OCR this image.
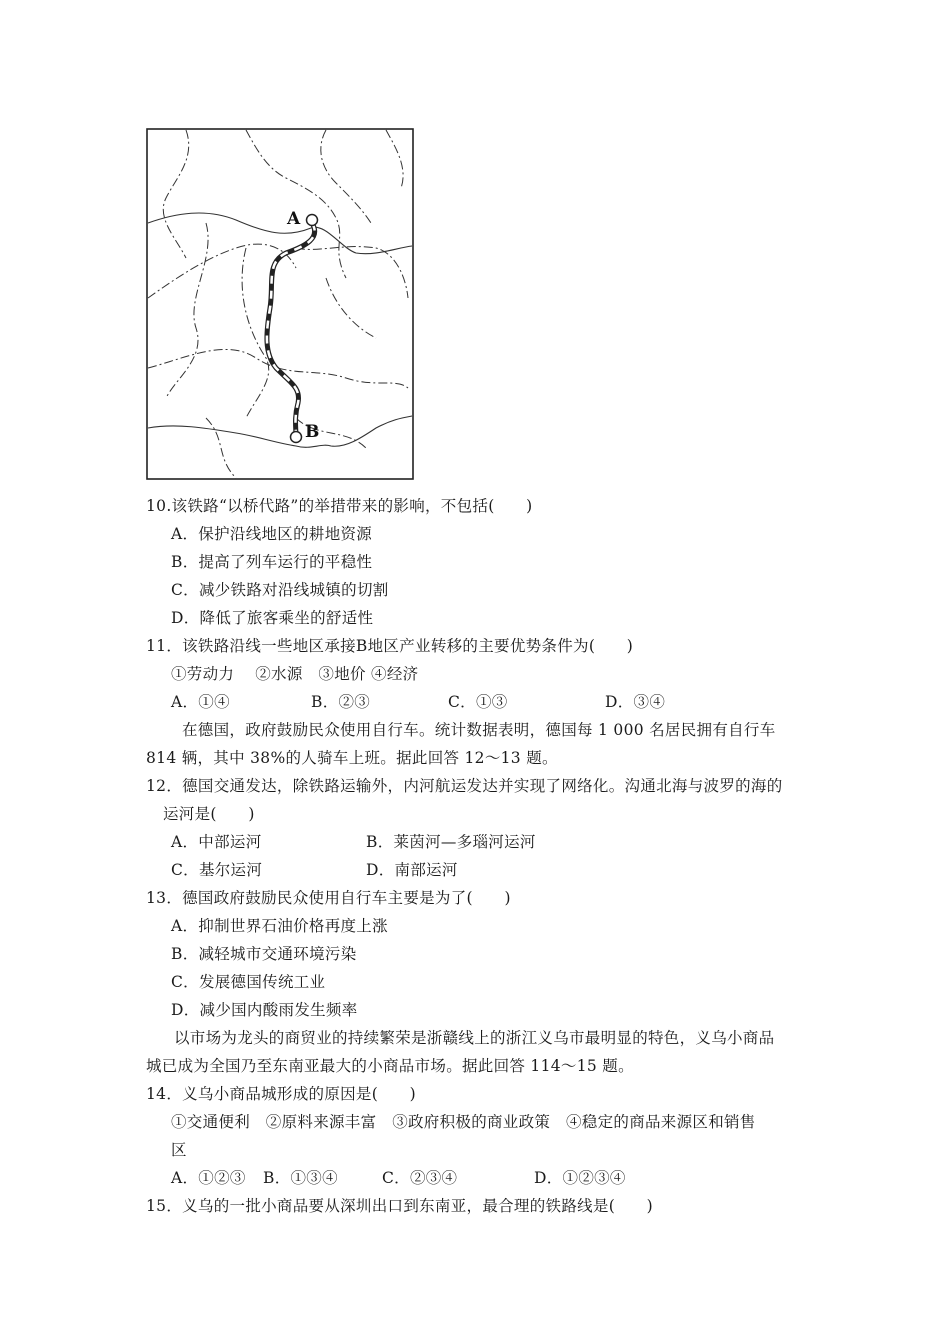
A
B
10.该铁路“以桥代路”的举措带来的影响，不包括(　　)
A．保护沿线地区的耕地资源
B．提高了列车运行的平稳性
C．减少铁路对沿线城镇的切割
D．降低了旅客乘坐的舒适性
11．该铁路沿线一些地区承接B地区产业转移的主要优势条件为(　　)
①劳动力　 ②水源　③地价 ④经济
A．①④	B．②③	C．①③	D．③④
在德国，政府鼓励民众使用自行车。统计数据表明，德国每 1 000 名居民拥有自行车
814 辆，其中 38%的人骑车上班。据此回答 12～13 题。
12．德国交通发达，除铁路运输外，内河航运发达并实现了网络化。沟通北海与波罗的海的
运河是(　　)
A．中部运河	B．莱茵河—多瑙河运河
C．基尔运河	D．南部运河
13．德国政府鼓励民众使用自行车主要是为了(　　)
A．抑制世界石油价格再度上涨
B．减轻城市交通环境污染
C．发展德国传统工业
D．减少国内酸雨发生频率
以市场为龙头的商贸业的持续繁荣是浙赣线上的浙江义乌市最明显的特色，义乌小商品
城已成为全国乃至东南亚最大的小商品市场。据此回答 114～15 题。
14．义乌小商品城形成的原因是(　　)
①交通便利　②原料来源丰富　③政府积极的商业政策　④稳定的商品来源区和销售
区
A．①②③ B．①③④	C．②③④	D．①②③④
15．义乌的一批小商品要从深圳出口到东南亚，最合理的铁路线是(　　)
